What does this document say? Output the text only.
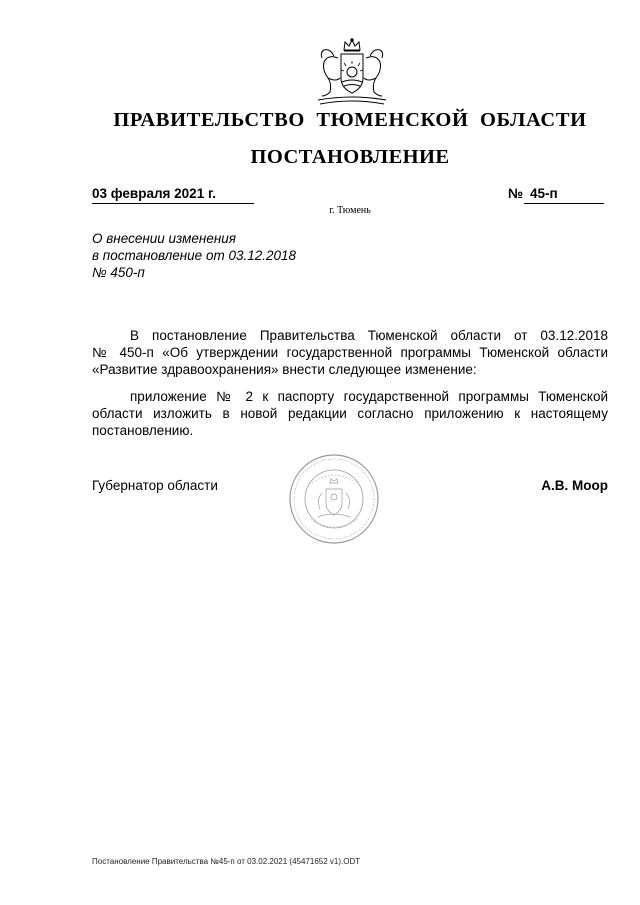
ПРАВИТЕЛЬСТВО  ТЮМЕНСКОЙ  ОБЛАСТИ
ПОСТАНОВЛЕНИЕ
03 февраля 2021 г.	№ 45-п
г. Тюмень
О внесении изменения
в постановление от 03.12.2018
№ 450-п
В постановление Правительства Тюменской области от 03.12.2018
№ 450-п «Об утверждении государственной программы Тюменской области
«Развитие здравоохранения» внести следующее изменение:
приложение № 2 к паспорту государственной программы Тюменской
области изложить в новой редакции согласно приложению к настоящему
постановлению.
Губернатор области	А.В. Моор
Постановление Правительства №45-п от 03.02.2021 (45471652 v1).ODT
